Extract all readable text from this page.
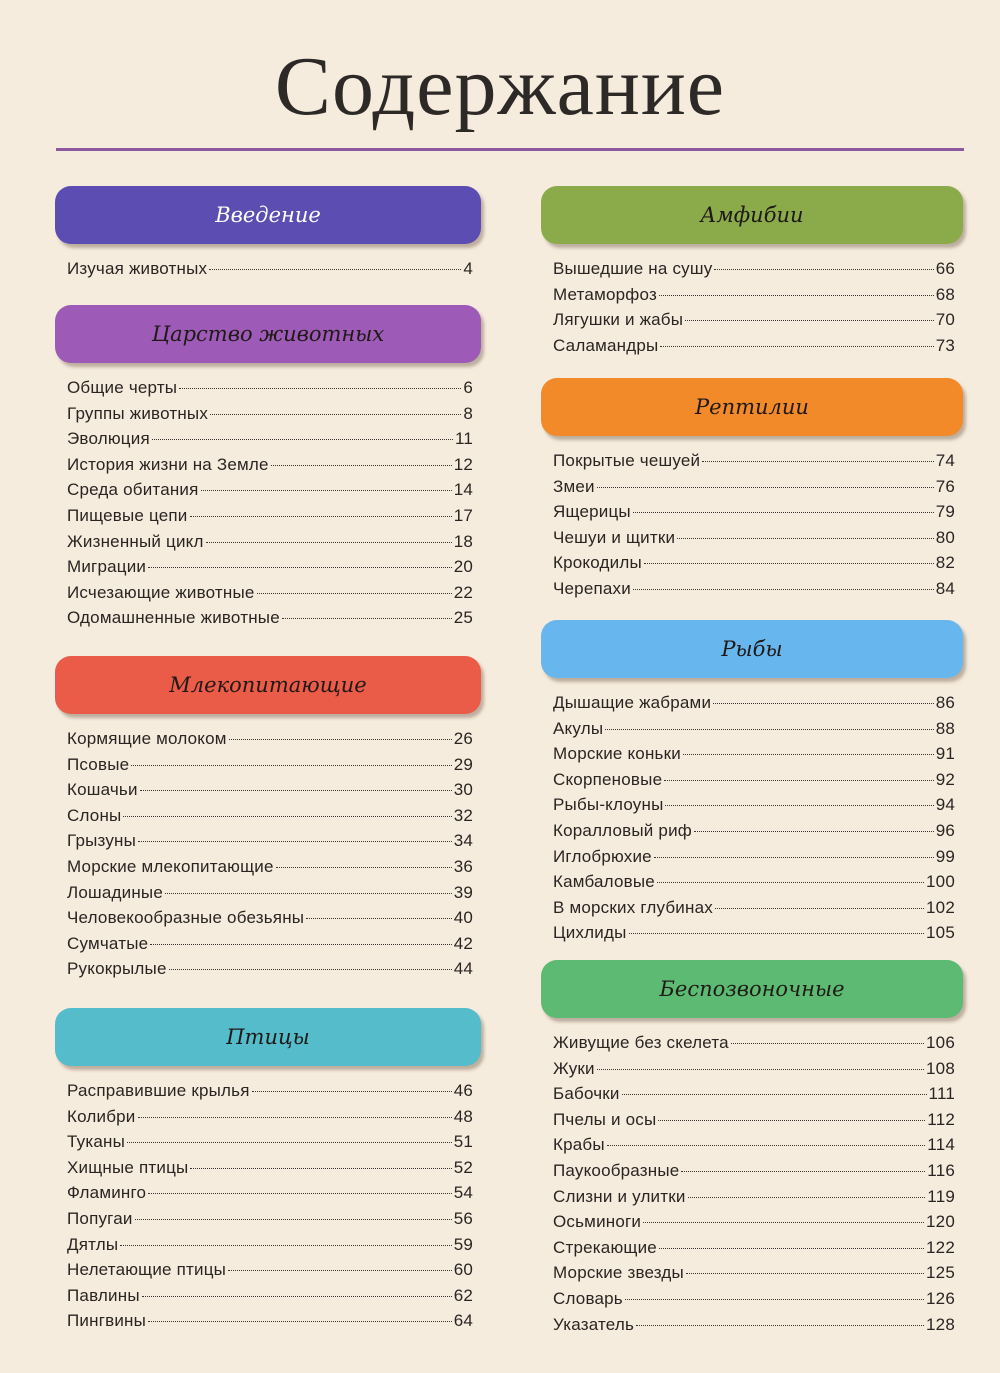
Содержание
Введение
Изучая животных	4
Царство животных
Общие черты	6
Группы животных	8
Эволюция	11
История жизни на Земле	12
Среда обитания	14
Пищевые цепи	17
Жизненный цикл	18
Миграции	20
Исчезающие животные	22
Одомашненные животные	25
Млекопитающие
Кормящие молоком	26
Псовые	29
Кошачьи	30
Слоны	32
Грызуны	34
Морские млекопитающие	36
Лошадиные	39
Человекообразные обезьяны	40
Сумчатые	42
Рукокрылые	44
Птицы
Расправившие крылья	46
Колибри	48
Туканы	51
Хищные птицы	52
Фламинго	54
Попугаи	56
Дятлы	59
Нелетающие птицы	60
Павлины	62
Пингвины	64
Амфибии
Вышедшие на сушу	66
Метаморфоз	68
Лягушки и жабы	70
Саламандры	73
Рептилии
Покрытые чешуей	74
Змеи	76
Ящерицы	79
Чешуи и щитки	80
Крокодилы	82
Черепахи	84
Рыбы
Дышащие жабрами	86
Акулы	88
Морские коньки	91
Скорпеновые	92
Рыбы-клоуны	94
Коралловый риф	96
Иглобрюхие	99
Камбаловые	100
В морских глубинах	102
Цихлиды	105
Беспозвоночные
Живущие без скелета	106
Жуки	108
Бабочки	111
Пчелы и осы	112
Крабы	114
Паукообразные	116
Слизни и улитки	119
Осьминоги	120
Стрекающие	122
Морские звезды	125
Словарь	126
Указатель	128
